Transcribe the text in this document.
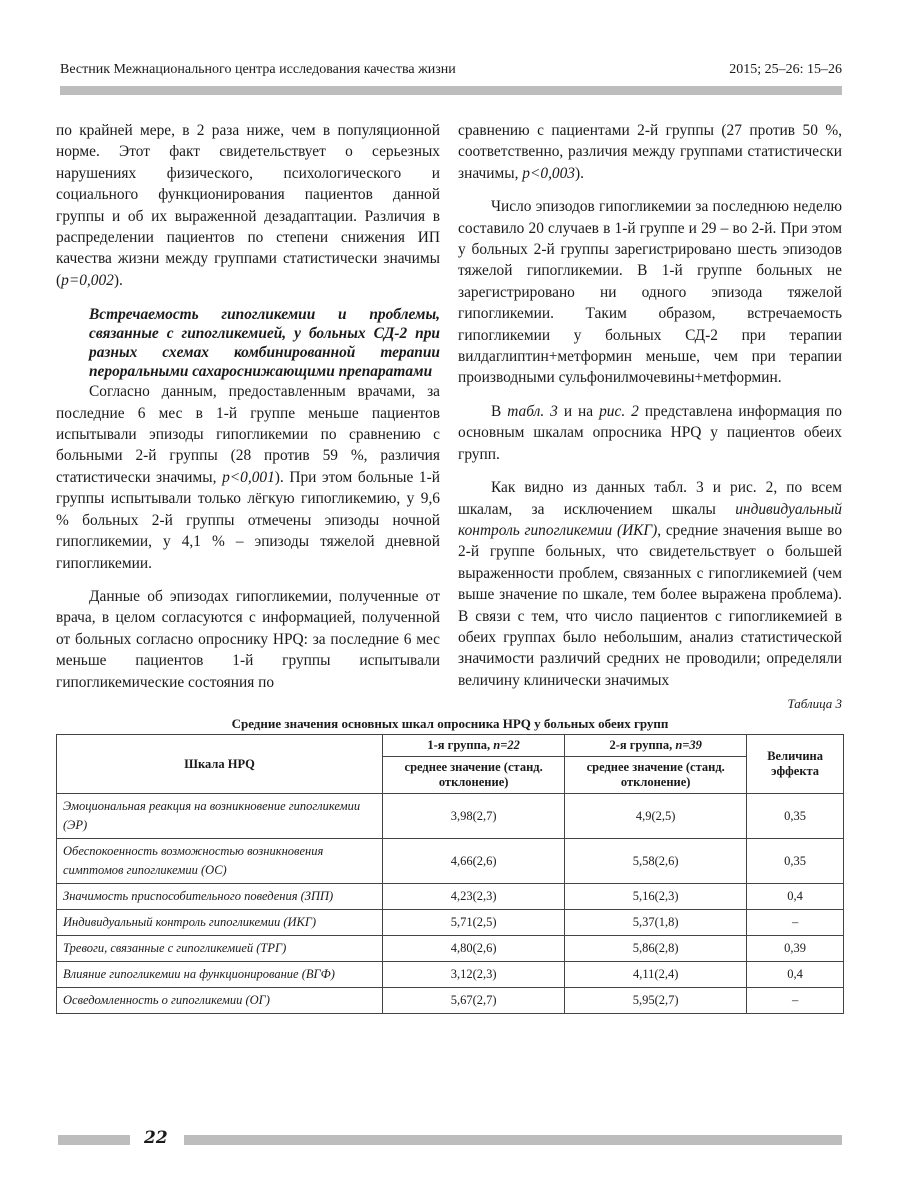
Вестник Межнационального центра исследования качества жизни	2015; 25–26: 15–26

по крайней мере, в 2 раза ниже, чем в популяционной норме. Этот факт свидетельствует о серьезных нарушениях физического, психологического и социального функционирования пациентов данной группы и об их выраженной дезадаптации. Различия в распределении пациентов по степени снижения ИП качества жизни между группами статистически значимы (p=0,002).

Встречаемость гипогликемии и проблемы, связанные с гипогликемией, у больных СД-2 при разных схемах комбинированной терапии пероральными сахароснижающими препаратами

Согласно данным, предоставленным врачами, за последние 6 мес в 1-й группе меньше пациентов испытывали эпизоды гипогликемии по сравнению с больными 2-й группы (28 против 59 %, различия статистически значимы, p<0,001). При этом больные 1-й группы испытывали только лёгкую гипогликемию, у 9,6 % больных 2-й группы отмечены эпизоды ночной гипогликемии, у 4,1 % – эпизоды тяжелой дневной гипогликемии.

Данные об эпизодах гипогликемии, полученные от врача, в целом согласуются с информацией, полученной от больных согласно опроснику HPQ: за последние 6 мес меньше пациентов 1-й группы испытывали гипогликемические состояния по

сравнению с пациентами 2-й группы (27 против 50 %, соответственно, различия между группами статистически значимы, p<0,003).

Число эпизодов гипогликемии за последнюю неделю составило 20 случаев в 1-й группе и 29 – во 2-й. При этом у больных 2-й группы зарегистрировано шесть эпизодов тяжелой гипогликемии. В 1-й группе больных не зарегистрировано ни одного эпизода тяжелой гипогликемии. Таким образом, встречаемость гипогликемии у больных СД-2 при терапии вилдаглиптин+метформин меньше, чем при терапии производными сульфонилмочевины+метформин.

В табл. 3 и на рис. 2 представлена информация по основным шкалам опросника HPQ у пациентов обеих групп.

Как видно из данных табл. 3 и рис. 2, по всем шкалам, за исключением шкалы индивидуальный контроль гипогликемии (ИКГ), средние значения выше во 2-й группе больных, что свидетельствует о большей выраженности проблем, связанных с гипогликемией (чем выше значение по шкале, тем более выражена проблема). В связи с тем, что число пациентов с гипогликемией в обеих группах было небольшим, анализ статистической значимости различий средних не проводили; определяли величину клинически значимых

Таблица 3
Средние значения основных шкал опросника HPQ у больных обеих групп
Шкала HPQ	1-я группа, n=22	2-я группа, n=39	Величина эффекта
	среднее значение (станд. отклонение)	среднее значение (станд. отклонение)	
Эмоциональная реакция на возникновение гипогликемии (ЭР)	3,98(2,7)	4,9(2,5)	0,35
Обеспокоенность возможностью возникновения симптомов гипогликемии (ОС)	4,66(2,6)	5,58(2,6)	0,35
Значимость приспособительного поведения (ЗПП)	4,23(2,3)	5,16(2,3)	0,4
Индивидуальный контроль гипогликемии (ИКГ)	5,71(2,5)	5,37(1,8)	–
Тревоги, связанные с гипогликемией (ТРГ)	4,80(2,6)	5,86(2,8)	0,39
Влияние гипогликемии на функционирование (ВГФ)	3,12(2,3)	4,11(2,4)	0,4
Осведомленность о гипогликемии (ОГ)	5,67(2,7)	5,95(2,7)	–
22
